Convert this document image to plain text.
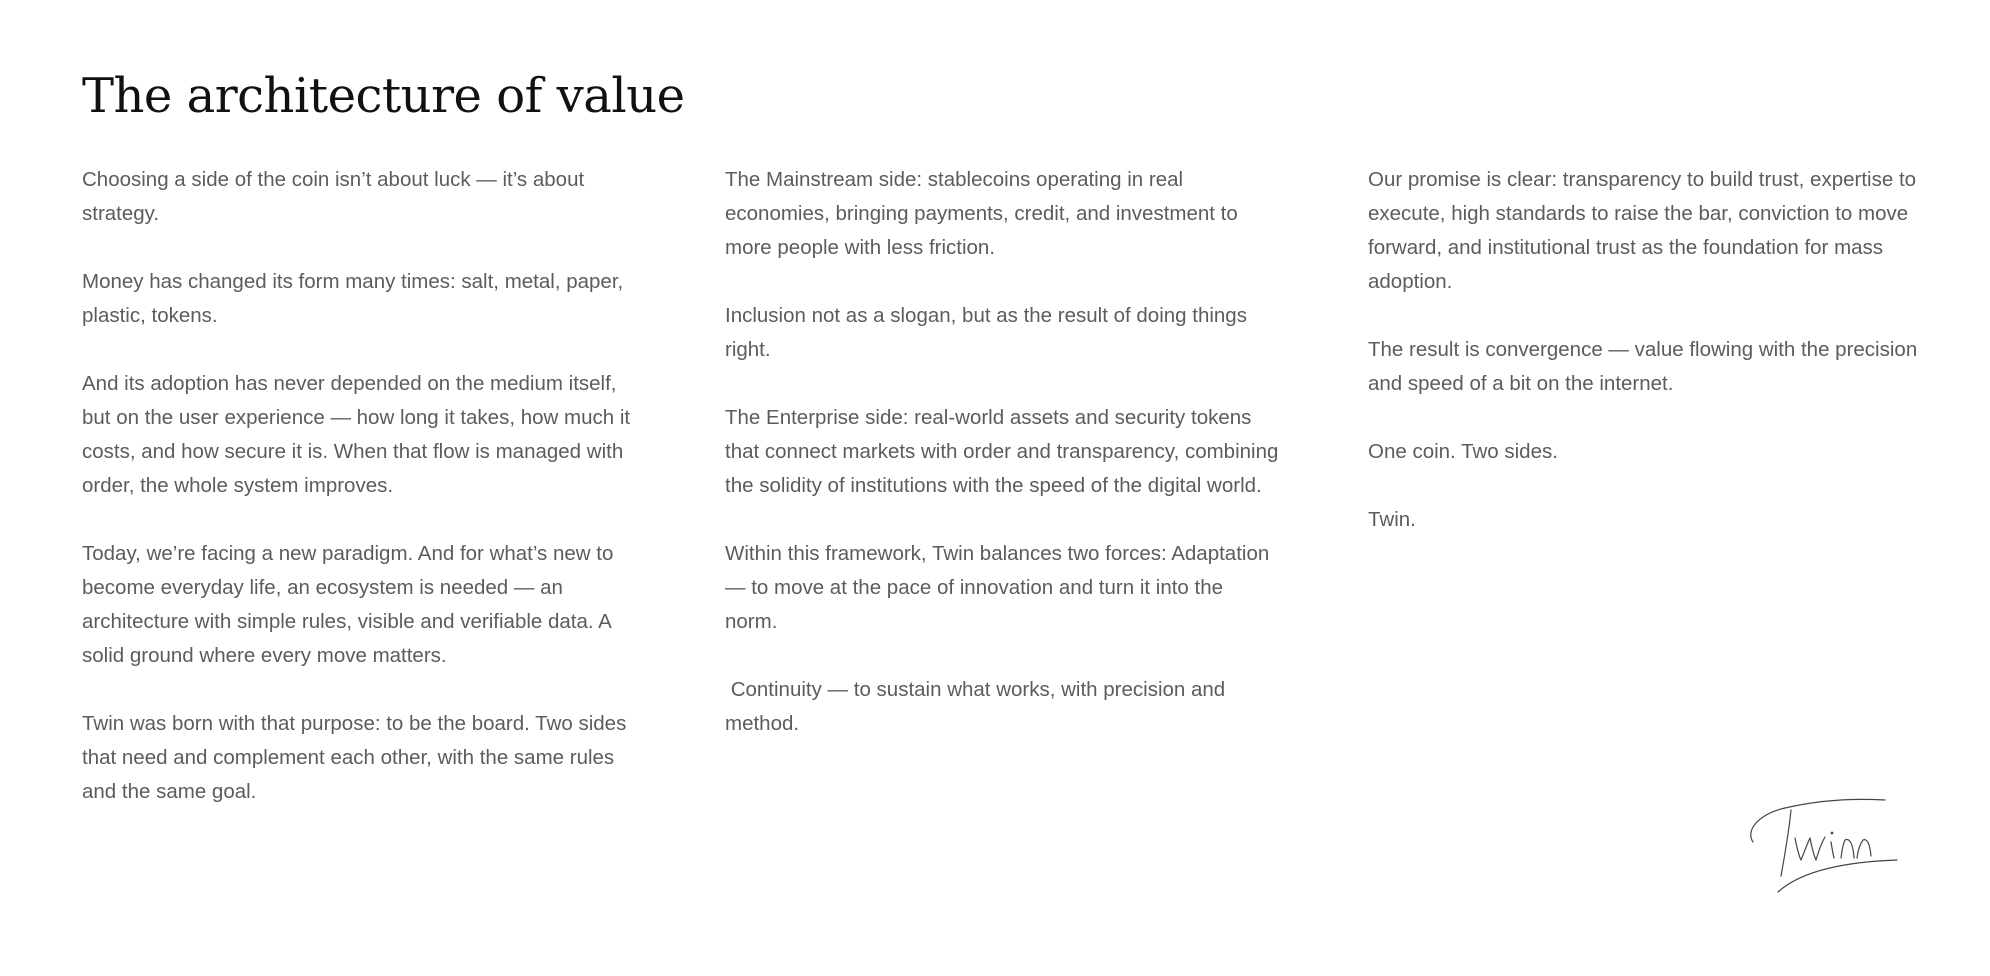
The architecture of value

Choosing a side of the coin isn’t about luck — it’s about strategy.

Money has changed its form many times: salt, metal, paper, plastic, tokens.

And its adoption has never depended on the medium itself, but on the user experience — how long it takes, how much it costs, and how secure it is. When that flow is managed with order, the whole system improves.

Today, we’re facing a new paradigm. And for what’s new to become everyday life, an ecosystem is needed — an architecture with simple rules, visible and verifiable data. A solid ground where every move matters.

Twin was born with that purpose: to be the board. Two sides that need and complement each other, with the same rules and the same goal.

The Mainstream side: stablecoins operating in real economies, bringing payments, credit, and investment to more people with less friction.

Inclusion not as a slogan, but as the result of doing things right.

The Enterprise side: real-world assets and security tokens that connect markets with order and transparency, combining the solidity of institutions with the speed of the digital world.

Within this framework, Twin balances two forces: Adaptation — to move at the pace of innovation and turn it into the norm.

Continuity — to sustain what works, with precision and method.

Our promise is clear: transparency to build trust, expertise to execute, high standards to raise the bar, conviction to move forward, and institutional trust as the foundation for mass adoption.

The result is convergence — value flowing with the precision and speed of a bit on the internet.

One coin. Two sides.

Twin.
